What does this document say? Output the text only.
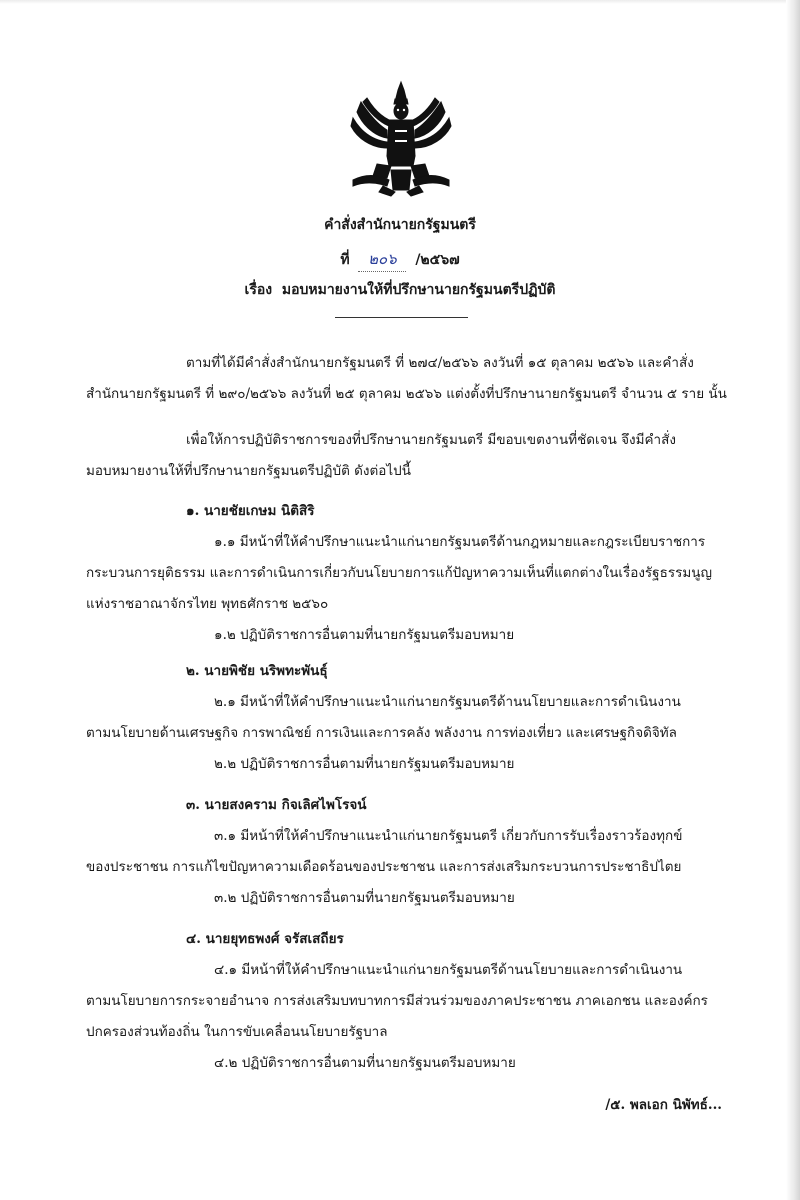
คำสั่งสำนักนายกรัฐมนตรี
ที่ ๒๐๖ /๒๕๖๗
เรื่อง มอบหมายงานให้ที่ปรึกษานายกรัฐมนตรีปฏิบัติ
ตามที่ได้มีคำสั่งสำนักนายกรัฐมนตรี ที่ ๒๗๔/๒๕๖๖ ลงวันที่ ๑๕ ตุลาคม ๒๕๖๖ และคำสั่ง
สำนักนายกรัฐมนตรี ที่ ๒๙๐/๒๕๖๖ ลงวันที่ ๒๕ ตุลาคม ๒๕๖๖ แต่งตั้งที่ปรึกษานายกรัฐมนตรี จำนวน ๕ ราย นั้น
เพื่อให้การปฏิบัติราชการของที่ปรึกษานายกรัฐมนตรี มีขอบเขตงานที่ชัดเจน จึงมีคำสั่ง
มอบหมายงานให้ที่ปรึกษานายกรัฐมนตรีปฏิบัติ ดังต่อไปนี้
๑. นายชัยเกษม นิติสิริ
๑.๑ มีหน้าที่ให้คำปรึกษาแนะนำแก่นายกรัฐมนตรีด้านกฎหมายและกฎระเบียบราชการ
กระบวนการยุติธรรม และการดำเนินการเกี่ยวกับนโยบายการแก้ปัญหาความเห็นที่แตกต่างในเรื่องรัฐธรรมนูญ
แห่งราชอาณาจักรไทย พุทธศักราช ๒๕๖๐
๑.๒ ปฏิบัติราชการอื่นตามที่นายกรัฐมนตรีมอบหมาย
๒. นายพิชัย นริพทะพันธุ์
๒.๑ มีหน้าที่ให้คำปรึกษาแนะนำแก่นายกรัฐมนตรีด้านนโยบายและการดำเนินงาน
ตามนโยบายด้านเศรษฐกิจ การพาณิชย์ การเงินและการคลัง พลังงาน การท่องเที่ยว และเศรษฐกิจดิจิทัล
๒.๒ ปฏิบัติราชการอื่นตามที่นายกรัฐมนตรีมอบหมาย
๓. นายสงคราม กิจเลิศไพโรจน์
๓.๑ มีหน้าที่ให้คำปรึกษาแนะนำแก่นายกรัฐมนตรี เกี่ยวกับการรับเรื่องราวร้องทุกข์
ของประชาชน การแก้ไขปัญหาความเดือดร้อนของประชาชน และการส่งเสริมกระบวนการประชาธิปไตย
๓.๒ ปฏิบัติราชการอื่นตามที่นายกรัฐมนตรีมอบหมาย
๔. นายยุทธพงศ์ จรัสเสถียร
๔.๑ มีหน้าที่ให้คำปรึกษาแนะนำแก่นายกรัฐมนตรีด้านนโยบายและการดำเนินงาน
ตามนโยบายการกระจายอำนาจ การส่งเสริมบทบาทการมีส่วนร่วมของภาคประชาชน ภาคเอกชน และองค์กร
ปกครองส่วนท้องถิ่น ในการขับเคลื่อนนโยบายรัฐบาล
๔.๒ ปฏิบัติราชการอื่นตามที่นายกรัฐมนตรีมอบหมาย
/๕. พลเอก นิพัทธ์...
